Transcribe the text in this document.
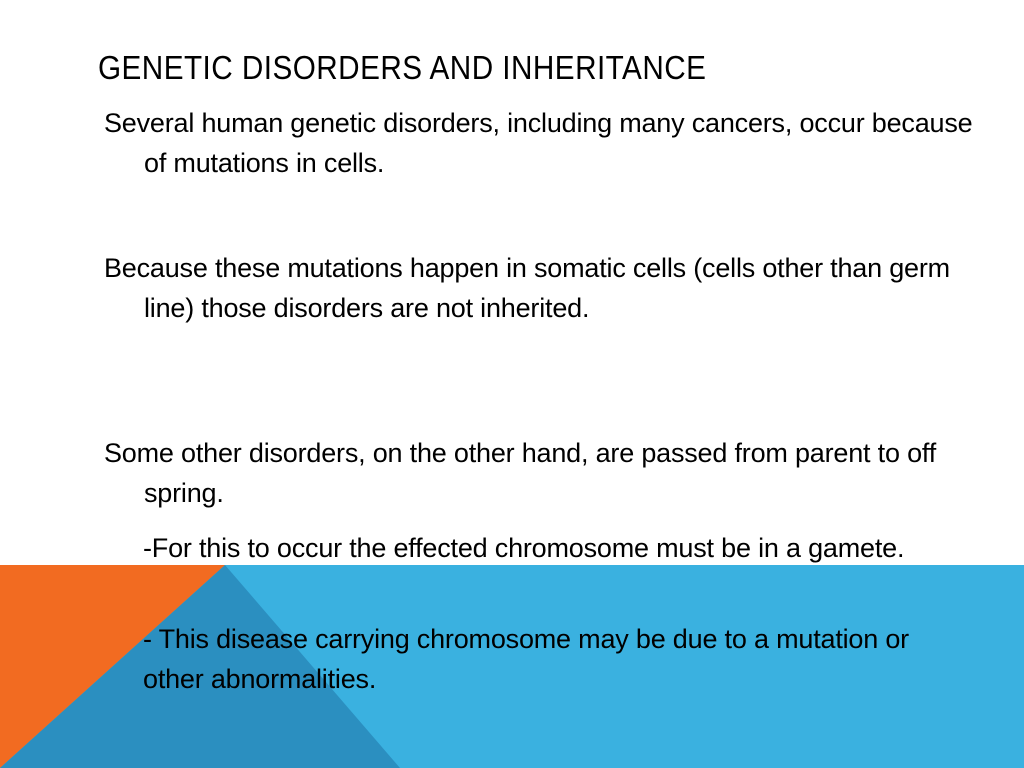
GENETIC DISORDERS AND INHERITANCE

Several human genetic disorders, including many cancers, occur because of mutations in cells.

Because these mutations happen in somatic cells (cells other than germ line) those disorders are not inherited.

Some other disorders, on the other hand, are passed from parent to off spring.

-For this to occur the effected chromosome must be in a gamete.

- This disease carrying chromosome may be due to a mutation or other abnormalities.
